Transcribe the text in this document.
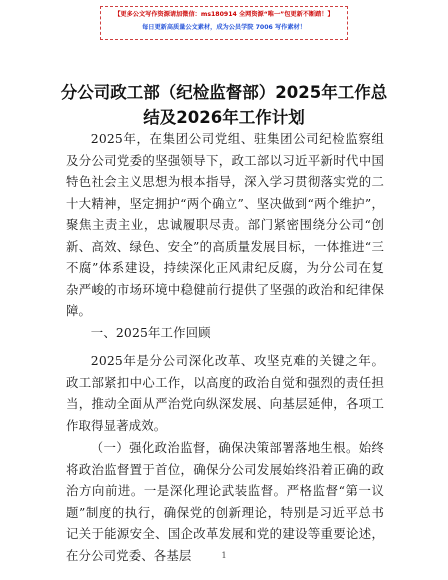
【更多公文写作资源请加微信：ms180914 全网资源“唯一”包更新不断踏！】
每日更新高质量公文素材，成为公员学院 7006 写作素材！
分公司政工部（纪检监督部）2025年工作总结及2026年工作计划
2025年，在集团公司党组、驻集团公司纪检监察组及分公司党委的坚强领导下，政工部以习近平新时代中国特色社会主义思想为根本指导，深入学习贯彻落实党的二十大精神，坚定拥护“两个确立”、坚决做到“两个维护”，聚焦主责主业，忠诚履职尽责。部门紧密围绕分公司“创新、高效、绿色、安全”的高质量发展目标，一体推进“三不腐”体系建设，持续深化正风肃纪反腐，为分公司在复杂严峻的市场环境中稳健前行提供了坚强的政治和纪律保障。
一、2025年工作回顾
2025年是分公司深化改革、攻坚克难的关键之年。政工部紧扣中心工作，以高度的政治自觉和强烈的责任担当，推动全面从严治党向纵深发展、向基层延伸，各项工作取得显著成效。
（一）强化政治监督，确保决策部署落地生根。始终将政治监督置于首位，确保分公司发展始终沿着正确的政治方向前进。一是深化理论武装监督。严格监督“第一议题”制度的执行，确保党的创新理论，特别是习近平总书记关于能源安全、国企改革发展和党的建设等重要论述，在分公司党委、各基层	1
